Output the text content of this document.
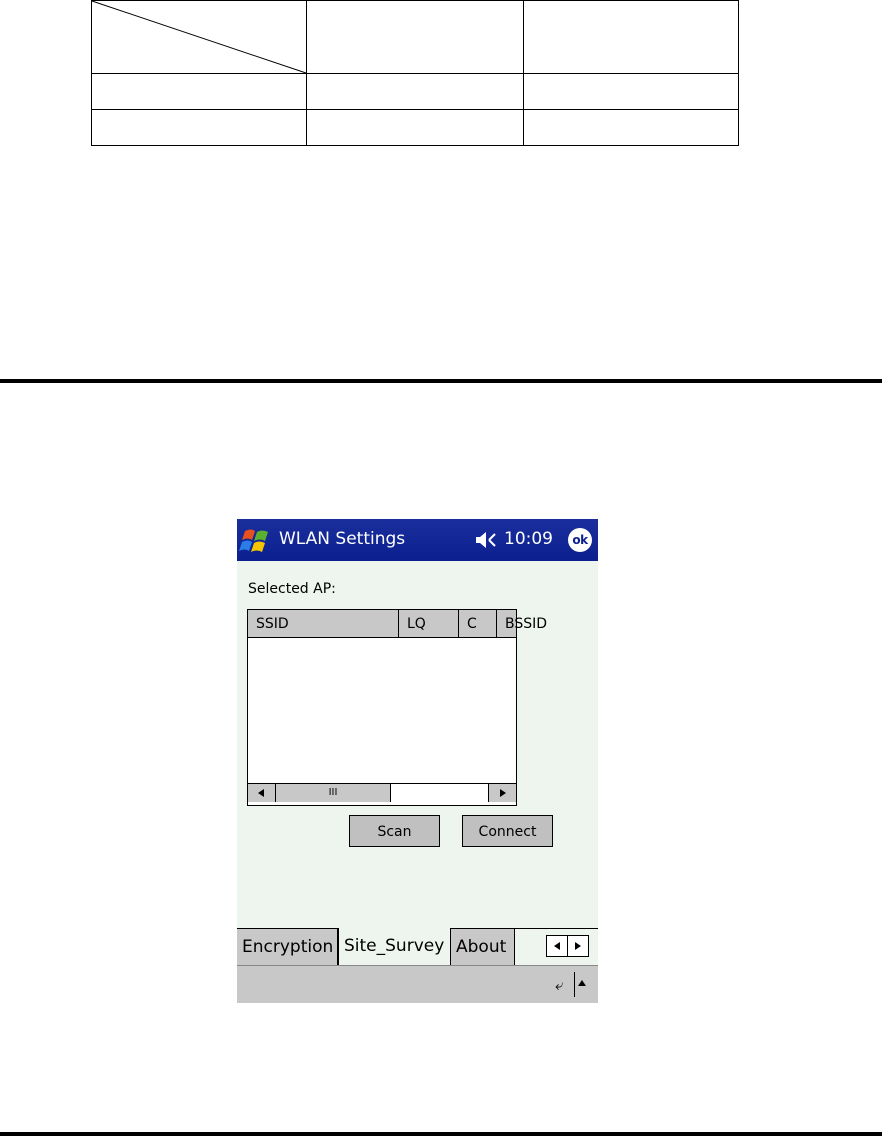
WLAN Settings	10:09	ok
Selected AP:
SSID	LQ	C	BSSID
III
Scan	Connect
Encryption Site_Survey About
⤶
